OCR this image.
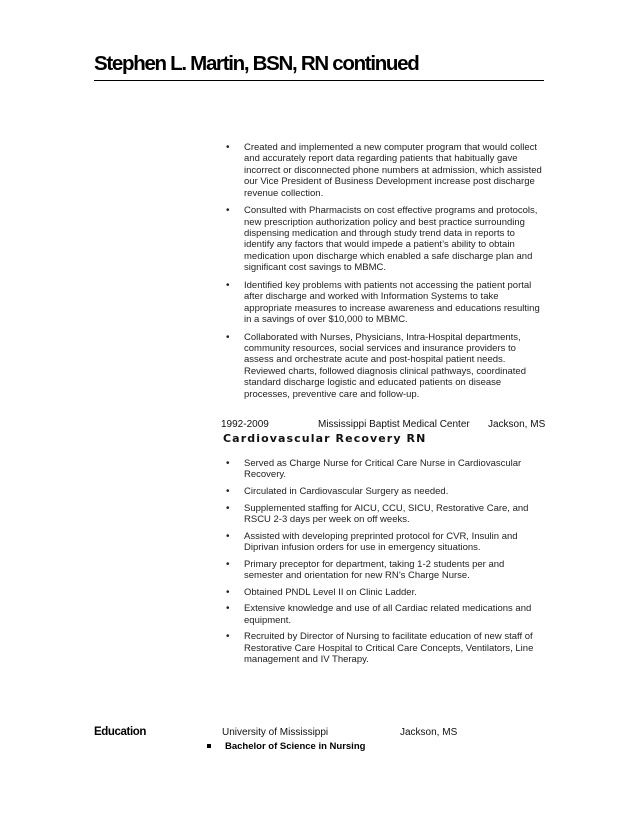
Stephen L. Martin, BSN, RN continued
• Created and implemented a new computer program that would collect and accurately report data regarding patients that habitually gave incorrect or disconnected phone numbers at admission, which assisted our Vice President of Business Development increase post discharge revenue collection.
• Consulted with Pharmacists on cost effective programs and protocols, new prescription authorization policy and best practice surrounding dispensing medication and through study trend data in reports to identify any factors that would impede a patient’s ability to obtain medication upon discharge which enabled a safe discharge plan and significant cost savings to MBMC.
• Identified key problems with patients not accessing the patient portal after discharge and worked with Information Systems to take appropriate measures to increase awareness and educations resulting in a savings of over $10,000 to MBMC.
• Collaborated with Nurses, Physicians, Intra-Hospital departments, community resources, social services and insurance providers to assess and orchestrate acute and post-hospital patient needs. Reviewed charts, followed diagnosis clinical pathways, coordinated standard discharge logistic and educated patients on disease processes, preventive care and follow-up.
1992-2009	Mississippi Baptist Medical Center Jackson, MS
Cardiovascular Recovery RN
• Served as Charge Nurse for Critical Care Nurse in Cardiovascular Recovery.
• Circulated in Cardiovascular Surgery as needed.
• Supplemented staffing for AICU, CCU, SICU, Restorative Care, and RSCU 2-3 days per week on off weeks.
• Assisted with developing preprinted protocol for CVR, Insulin and Diprivan infusion orders for use in emergency situations.
• Primary preceptor for department, taking 1-2 students per and semester and orientation for new RN’s Charge Nurse.
• Obtained PNDL Level II on Clinic Ladder.
• Extensive knowledge and use of all Cardiac related medications and equipment.
• Recruited by Director of Nursing to facilitate education of new staff of Restorative Care Hospital to Critical Care Concepts, Ventilators, Line management and IV Therapy.
Education	University of Mississippi	Jackson, MS
Bachelor of Science in Nursing
